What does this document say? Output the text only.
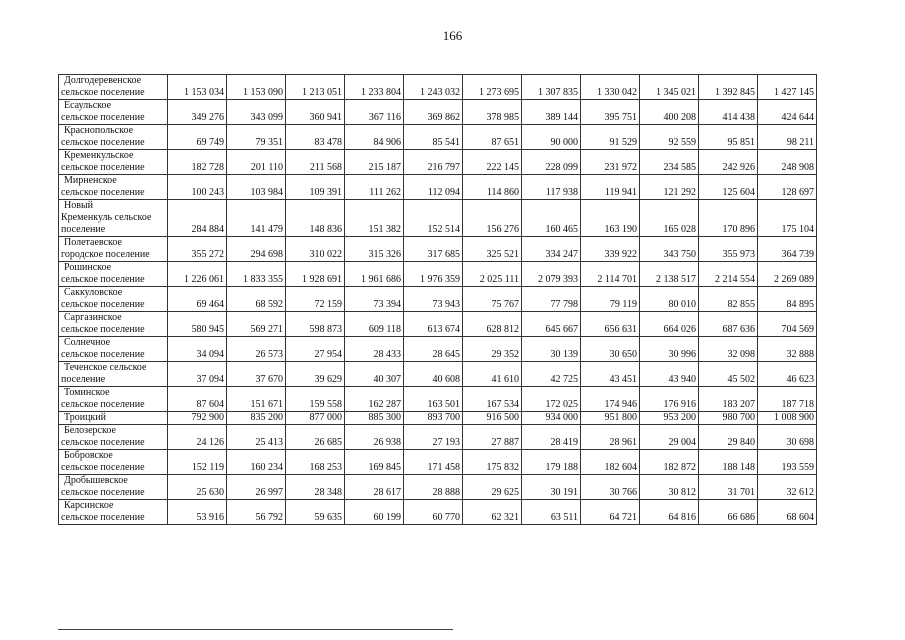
166
Долгодеревенское
сельское поселение	1 153 034	1 153 090	1 213 051	1 233 804	1 243 032	1 273 695	1 307 835	1 330 042	1 345 021	1 392 845	1 427 145

Есаульское
сельское поселение	349 276	343 099	360 941	367 116	369 862	378 985	389 144	395 751	400 208	414 438	424 644

Краснопольское
сельское поселение	69 749	79 351	83 478	84 906	85 541	87 651	90 000	91 529	92 559	95 851	98 211

Кременкульское
сельское поселение	182 728	201 110	211 568	215 187	216 797	222 145	228 099	231 972	234 585	242 926	248 908

Мирненское
сельское поселение	100 243	103 984	109 391	111 262	112 094	114 860	117 938	119 941	121 292	125 604	128 697

Новый
Кременкуль сельское
поселение	284 884	141 479	148 836	151 382	152 514	156 276	160 465	163 190	165 028	170 896	175 104

Полетаевское
городское поселение	355 272	294 698	310 022	315 326	317 685	325 521	334 247	339 922	343 750	355 973	364 739

Рошинское
сельское поселение	1 226 061	1 833 355	1 928 691	1 961 686	1 976 359	2 025 111	2 079 393	2 114 701	2 138 517	2 214 554	2 269 089

Саккуловское
сельское поселение	69 464	68 592	72 159	73 394	73 943	75 767	77 798	79 119	80 010	82 855	84 895

Саргазинское
сельское поселение	580 945	569 271	598 873	609 118	613 674	628 812	645 667	656 631	664 026	687 636	704 569

Солнечное
сельское поселение	34 094	26 573	27 954	28 433	28 645	29 352	30 139	30 650	30 996	32 098	32 888

Теченское сельское
поселение	37 094	37 670	39 629	40 307	40 608	41 610	42 725	43 451	43 940	45 502	46 623

Томинское
сельское поселение	87 604	151 671	159 558	162 287	163 501	167 534	172 025	174 946	176 916	183 207	187 718

Троицкий	792 900	835 200	877 000	885 300	893 700	916 500	934 000	951 800	953 200	980 700	1 008 900

Белозерское
сельское поселение	24 126	25 413	26 685	26 938	27 193	27 887	28 419	28 961	29 004	29 840	30 698

Бобровское
сельское поселение	152 119	160 234	168 253	169 845	171 458	175 832	179 188	182 604	182 872	188 148	193 559

Дробышевское
сельское поселение	25 630	26 997	28 348	28 617	28 888	29 625	30 191	30 766	30 812	31 701	32 612

Карсинское
сельское поселение	53 916	56 792	59 635	60 199	60 770	62 321	63 511	64 721	64 816	66 686	68 604
